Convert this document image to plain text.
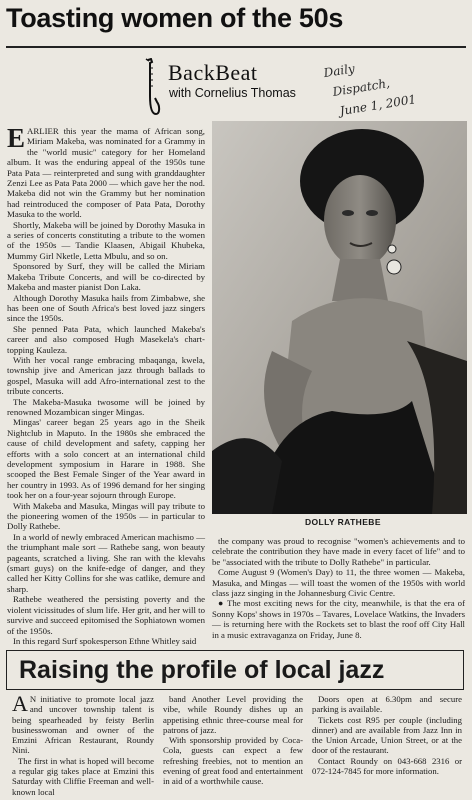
Toasting women of the 50s
BackBeat
with Cornelius Thomas
Daily
Dispatch,
June 1, 2001
E ARLIER this year the mama of African song, Miriam Makeba, was nominated for a Grammy in the "world music" category for her Homeland album. It was the enduring appeal of the 1950s tune Pata Pata — reinterpreted and sung with granddaughter Zenzi Lee as Pata Pata 2000 — which gave her the nod. Makeba did not win the Grammy but her nomination had reintroduced the composer of Pata Pata, Dorothy Masuka to the world.

Shortly, Makeba will be joined by Dorothy Masuka in a series of concerts constituting a tribute to the women of the 1950s — Tandie Klaasen, Abigail Khubeka, Mummy Girl Nketle, Letta Mbulu, and so on.

Sponsored by Surf, they will be called the Miriam Makeba Tribute Concerts, and will be co-directed by Makeba and master pianist Don Laka.

Although Dorothy Masuka hails from Zimbabwe, she has been one of South Africa's best loved jazz singers since the 1950s.

She penned Pata Pata, which launched Makeba's career and also composed Hugh Masekela's chart-topping Kauleza.

With her vocal range embracing mbaqanga, kwela, township jive and American jazz through ballads to gospel, Masuka will add Afro-international zest to the tribute concerts.

The Makeba-Masuka twosome will be joined by renowned Mozambican singer Mingas.

Mingas' career began 25 years ago in the Sheik Nightclub in Maputo. In the 1980s she embraced the cause of child development and safety, capping her efforts with a solo concert at an international child development symposium in Harare in 1988. She scooped the Best Female Singer of the Year award in her country in 1993. As of 1996 demand for her singing took her on a four-year sojourn through Europe.

With Makeba and Masuka, Mingas will pay tribute to the pioneering women of the 1950s — in particular to Dolly Rathebe.

In a world of newly embraced American machismo — the triumphant male sort — Rathebe sang, won beauty pageants, scratched a living. She ran with the klevahs (smart guys) on the knife-edge of danger, and they called her Kitty Collins for she was catlike, demure and sharp.

Rathebe weathered the persisting poverty and the violent vicissitudes of slum life. Her grit, and her will to survive and succeed epitomised the Sophiatown women of the 1950s.

In this regard Surf spokesperson Ethne Whitley said

DOLLY RATHEBE

the company was proud to recognise "women's achievements and to celebrate the contribution they have made in every facet of life" and to be "associated with the tribute to Dolly Rathebe" in particular.

Come August 9 (Women's Day) to 11, the three women — Makeba, Masuka, and Mingas — will toast the women of the 1950s with world class jazz singing in the Johannesburg Civic Centre.

● The most exciting news for the city, meanwhile, is that the era of Sonny Kops' shows in 1970s – Tavares, Lovelace Watkins, the Invaders — is returning here with the Rockets set to blast the roof off City Hall in a music extravaganza on Friday, June 8.

Raising the profile of local jazz
A N initiative to promote local jazz and uncover township talent is being spearheaded by feisty Berlin businesswoman and owner of the Emzini African Restaurant, Roundy Nini.

The first in what is hoped will become a regular gig takes place at Emzini this Saturday with Cliffie Freeman and well-known local

band Another Level providing the vibe, while Roundy dishes up an appetising ethnic three-course meal for patrons of jazz.

With sponsorship provided by Coca-Cola, guests can expect a few refreshing freebies, not to mention an evening of great food and entertainment in aid of a worthwhile cause.

Doors open at 6.30pm and secure parking is available.

Tickets cost R95 per couple (including dinner) and are available from Jazz Inn in the Union Arcade, Union Street, or at the door of the restaurant.

Contact Roundy on 043-668 2316 or 072-124-7845 for more information.
